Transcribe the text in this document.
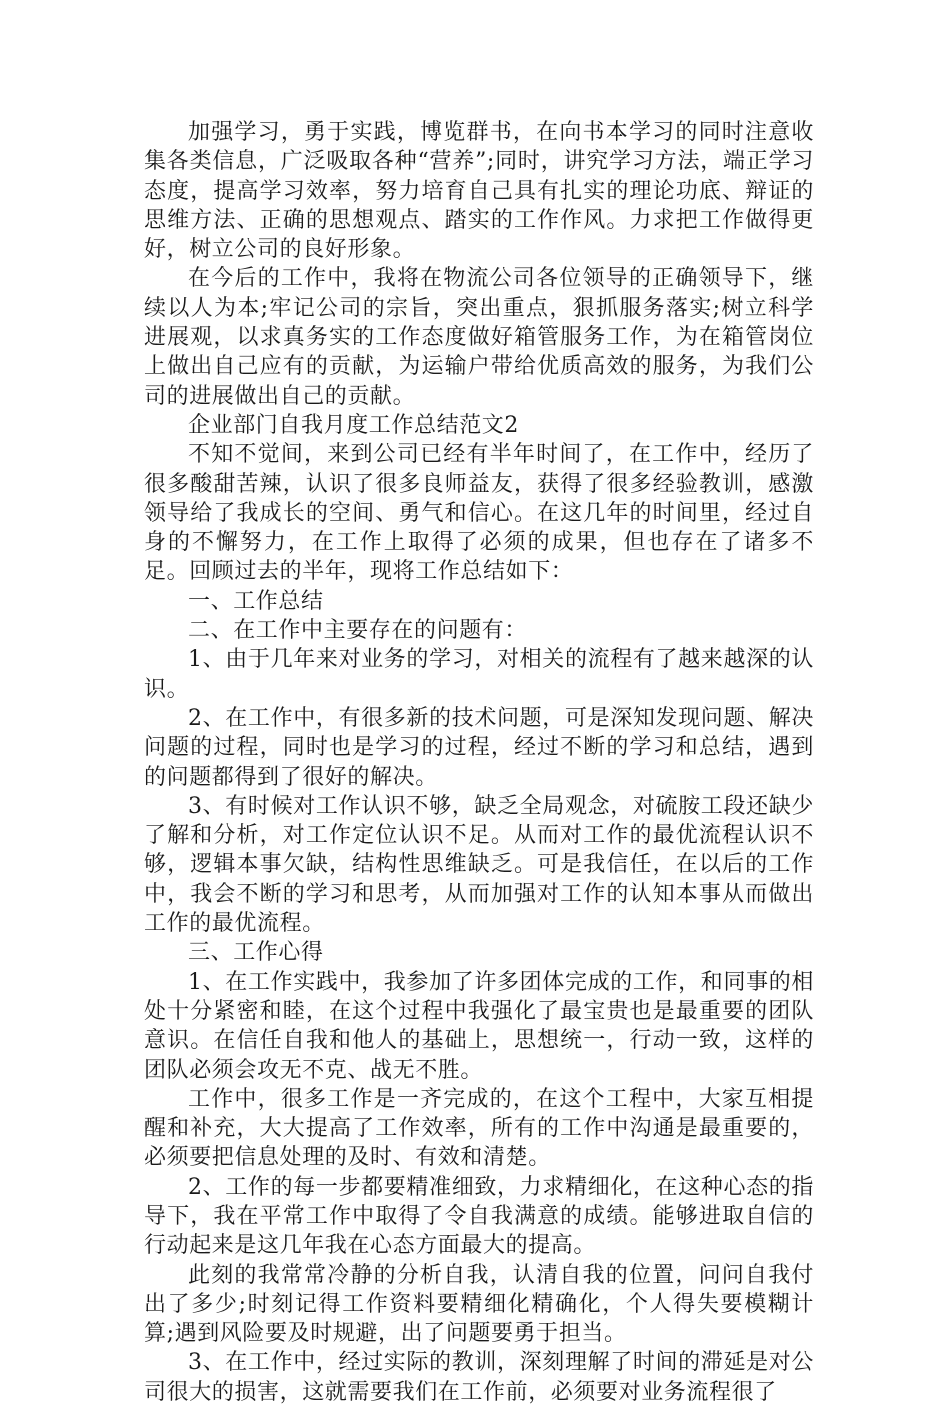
加强学习，勇于实践，博览群书，在向书本学习的同时注意收集各类信息，广泛吸取各种“营养”;同时，讲究学习方法，端正学习态度，提高学习效率，努力培育自己具有扎实的理论功底、辩证的思维方法、正确的思想观点、踏实的工作作风。力求把工作做得更好，树立公司的良好形象。

在今后的工作中，我将在物流公司各位领导的正确领导下，继续以人为本;牢记公司的宗旨，突出重点，狠抓服务落实;树立科学进展观，以求真务实的工作态度做好箱管服务工作，为在箱管岗位上做出自己应有的贡献，为运输户带给优质高效的服务，为我们公司的进展做出自己的贡献。

企业部门自我月度工作总结范文2

不知不觉间，来到公司已经有半年时间了，在工作中，经历了很多酸甜苦辣，认识了很多良师益友，获得了很多经验教训，感激领导给了我成长的空间、勇气和信心。在这几年的时间里，经过自身的不懈努力，在工作上取得了必须的成果，但也存在了诸多不足。回顾过去的半年，现将工作总结如下：

一、工作总结

二、在工作中主要存在的问题有：

1、由于几年来对业务的学习，对相关的流程有了越来越深的认识。

2、在工作中，有很多新的技术问题，可是深知发现问题、解决问题的过程，同时也是学习的过程，经过不断的学习和总结，遇到的问题都得到了很好的解决。

3、有时候对工作认识不够，缺乏全局观念，对硫胺工段还缺少了解和分析，对工作定位认识不足。从而对工作的最优流程认识不够，逻辑本事欠缺，结构性思维缺乏。可是我信任，在以后的工作中，我会不断的学习和思考，从而加强对工作的认知本事从而做出工作的最优流程。

三、工作心得

1、在工作实践中，我参加了许多团体完成的工作，和同事的相处十分紧密和睦，在这个过程中我强化了最宝贵也是最重要的团队意识。在信任自我和他人的基础上，思想统一，行动一致，这样的团队必须会攻无不克、战无不胜。

工作中，很多工作是一齐完成的，在这个工程中，大家互相提醒和补充，大大提高了工作效率，所有的工作中沟通是最重要的，必须要把信息处理的及时、有效和清楚。

2、工作的每一步都要精准细致，力求精细化，在这种心态的指导下，我在平常工作中取得了令自我满意的成绩。能够进取自信的行动起来是这几年我在心态方面最大的提高。

此刻的我常常冷静的分析自我，认清自我的位置，问问自我付出了多少;时刻记得工作资料要精细化精确化，个人得失要模糊计算;遇到风险要及时规避，出了问题要勇于担当。

3、在工作中，经过实际的教训，深刻理解了时间的滞延是对公司很大的损害，这就需要我们在工作前，必须要对业务流程很了
